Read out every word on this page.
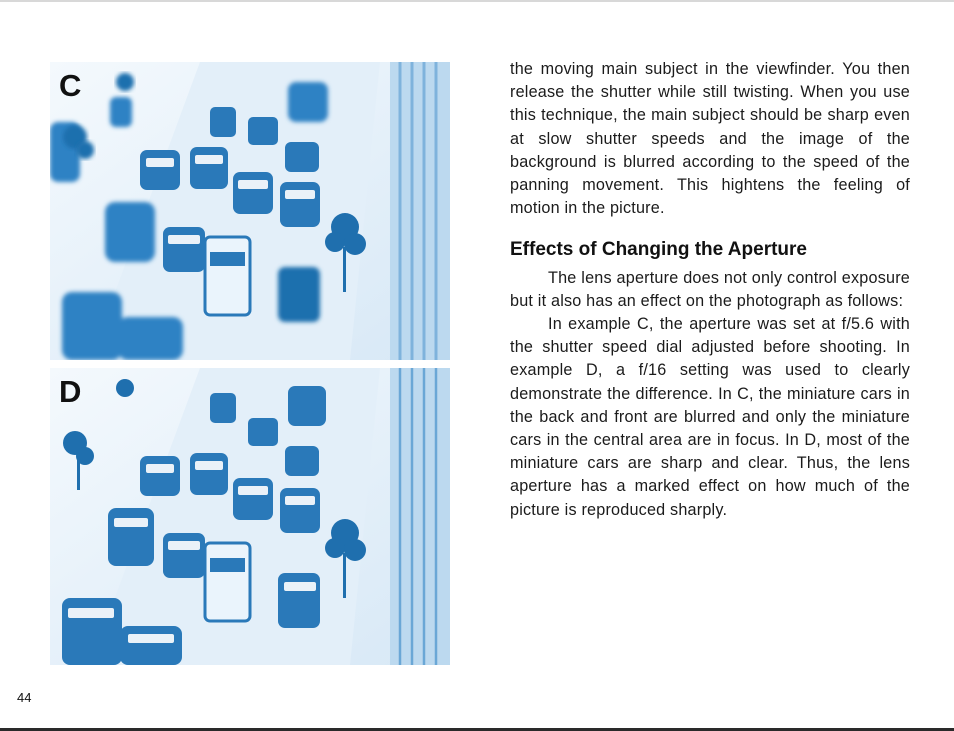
C
D

the moving main subject in the viewfinder. You then release the shutter while still twisting. When you use this technique, the main subject should be sharp even at slow shutter speeds and the image of the background is blurred according to the speed of the panning movement. This hightens the feeling of motion in the picture.

Effects of Changing the Aperture

The lens aperture does not only control exposure but it also has an effect on the photograph as follows:

In example C, the aperture was set at f/5.6 with the shutter speed dial adjusted before shooting. In example D, a f/16 setting was used to clearly demonstrate the difference. In C, the miniature cars in the back and front are blurred and only the miniature cars in the central area are in focus. In D, most of the miniature cars are sharp and clear. Thus, the lens aperture has a marked effect on how much of the picture is reproduced sharply.

44
